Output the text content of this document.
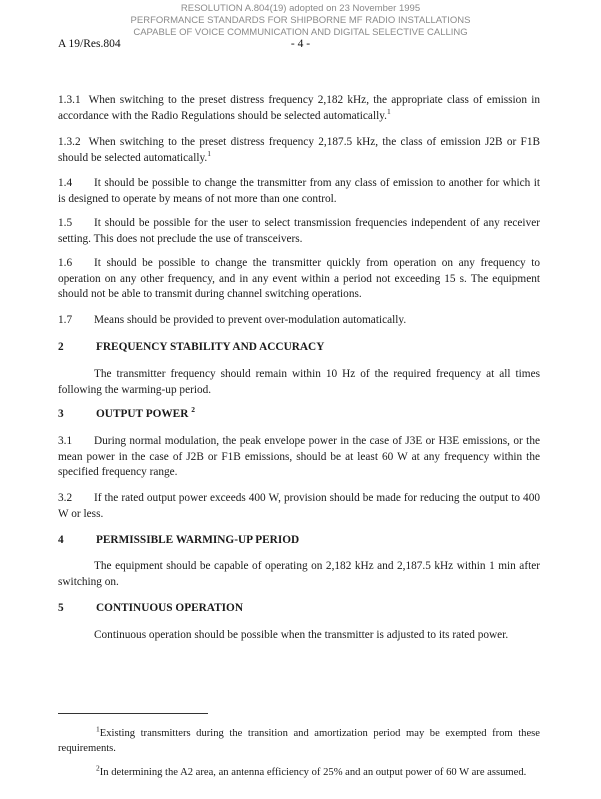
RESOLUTION A.804(19) adopted on 23 November 1995
PERFORMANCE STANDARDS FOR SHIPBORNE MF RADIO INSTALLATIONS
CAPABLE OF VOICE COMMUNICATION AND DIGITAL SELECTIVE CALLING
A 19/Res.804	- 4 -
1.3.1 When switching to the preset distress frequency 2,182 kHz, the appropriate class of emission in accordance with the Radio Regulations should be selected automatically.$^1$
1.3.2 When switching to the preset distress frequency 2,187.5 kHz, the class of emission J2B or F1B should be selected automatically.$^1$
1.4 It should be possible to change the transmitter from any class of emission to another for which it is designed to operate by means of not more than one control.
1.5 It should be possible for the user to select transmission frequencies independent of any receiver setting. This does not preclude the use of transceivers.
1.6 It should be possible to change the transmitter quickly from operation on any frequency to operation on any other frequency, and in any event within a period not exceeding 15 s. The equipment should not be able to transmit during channel switching operations.
1.7 Means should be provided to prevent over-modulation automatically.
2	FREQUENCY STABILITY AND ACCURACY
The transmitter frequency should remain within 10 Hz of the required frequency at all times following the warming-up period.
3	OUTPUT POWER $^2$
3.1 During normal modulation, the peak envelope power in the case of J3E or H3E emissions, or the mean power in the case of J2B or F1B emissions, should be at least 60 W at any frequency within the specified frequency range.
3.2 If the rated output power exceeds 400 W, provision should be made for reducing the output to 400 W or less.
4	PERMISSIBLE WARMING-UP PERIOD
The equipment should be capable of operating on 2,182 kHz and 2,187.5 kHz within 1 min after switching on.
5	CONTINUOUS OPERATION
Continuous operation should be possible when the transmitter is adjusted to its rated power.
$^1$Existing transmitters during the transition and amortization period may be exempted from these requirements.
$^2$In determining the A2 area, an antenna efficiency of 25% and an output power of 60 W are assumed.
